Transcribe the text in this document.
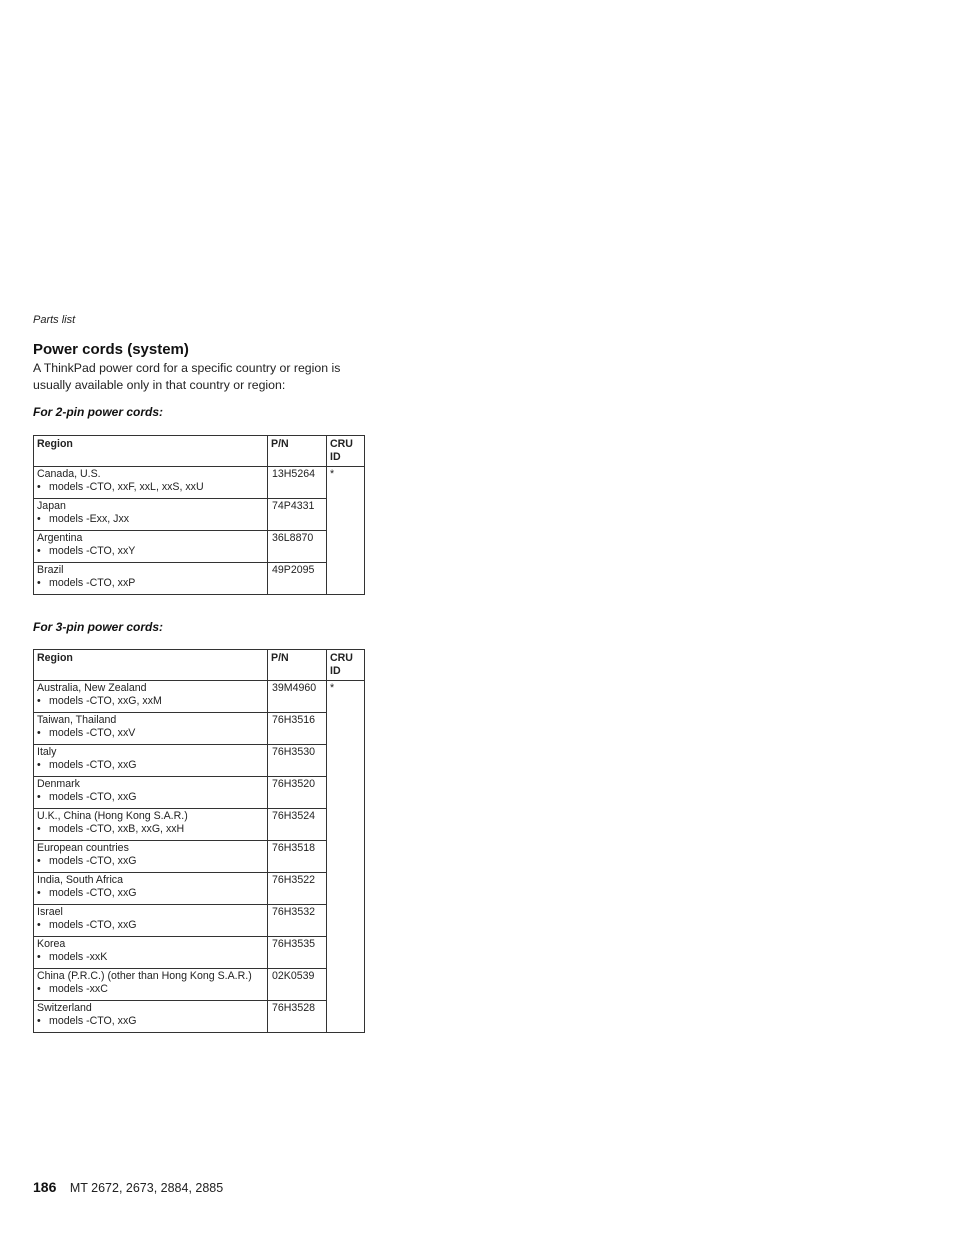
Parts list
Power cords (system)

A ThinkPad power cord for a specific country or region is usually available only in that country or region:

For 2-pin power cords:
Region	P/N	CRU ID

Canada, U.S.
• models -CTO, xxF, xxL, xxS, xxU	13H5264	*

Japan
• models -Exx, Jxx	74P4331	

Argentina
• models -CTO, xxY	36L8870	

Brazil
• models -CTO, xxP	49P2095	
For 3-pin power cords:
Region	P/N	CRU ID

Australia, New Zealand
• models -CTO, xxG, xxM	39M4960	*

Taiwan, Thailand
• models -CTO, xxV	76H3516	

Italy
• models -CTO, xxG	76H3530	

Denmark
• models -CTO, xxG	76H3520	

U.K., China (Hong Kong S.A.R.)
• models -CTO, xxB, xxG, xxH	76H3524	

European countries
• models -CTO, xxG	76H3518	

India, South Africa
• models -CTO, xxG	76H3522	

Israel
• models -CTO, xxG	76H3532	

Korea
• models -xxK	76H3535	

China (P.R.C.) (other than Hong Kong S.A.R.)
• models -xxC	02K0539	

Switzerland
• models -CTO, xxG	76H3528	
186 MT 2672, 2673, 2884, 2885
